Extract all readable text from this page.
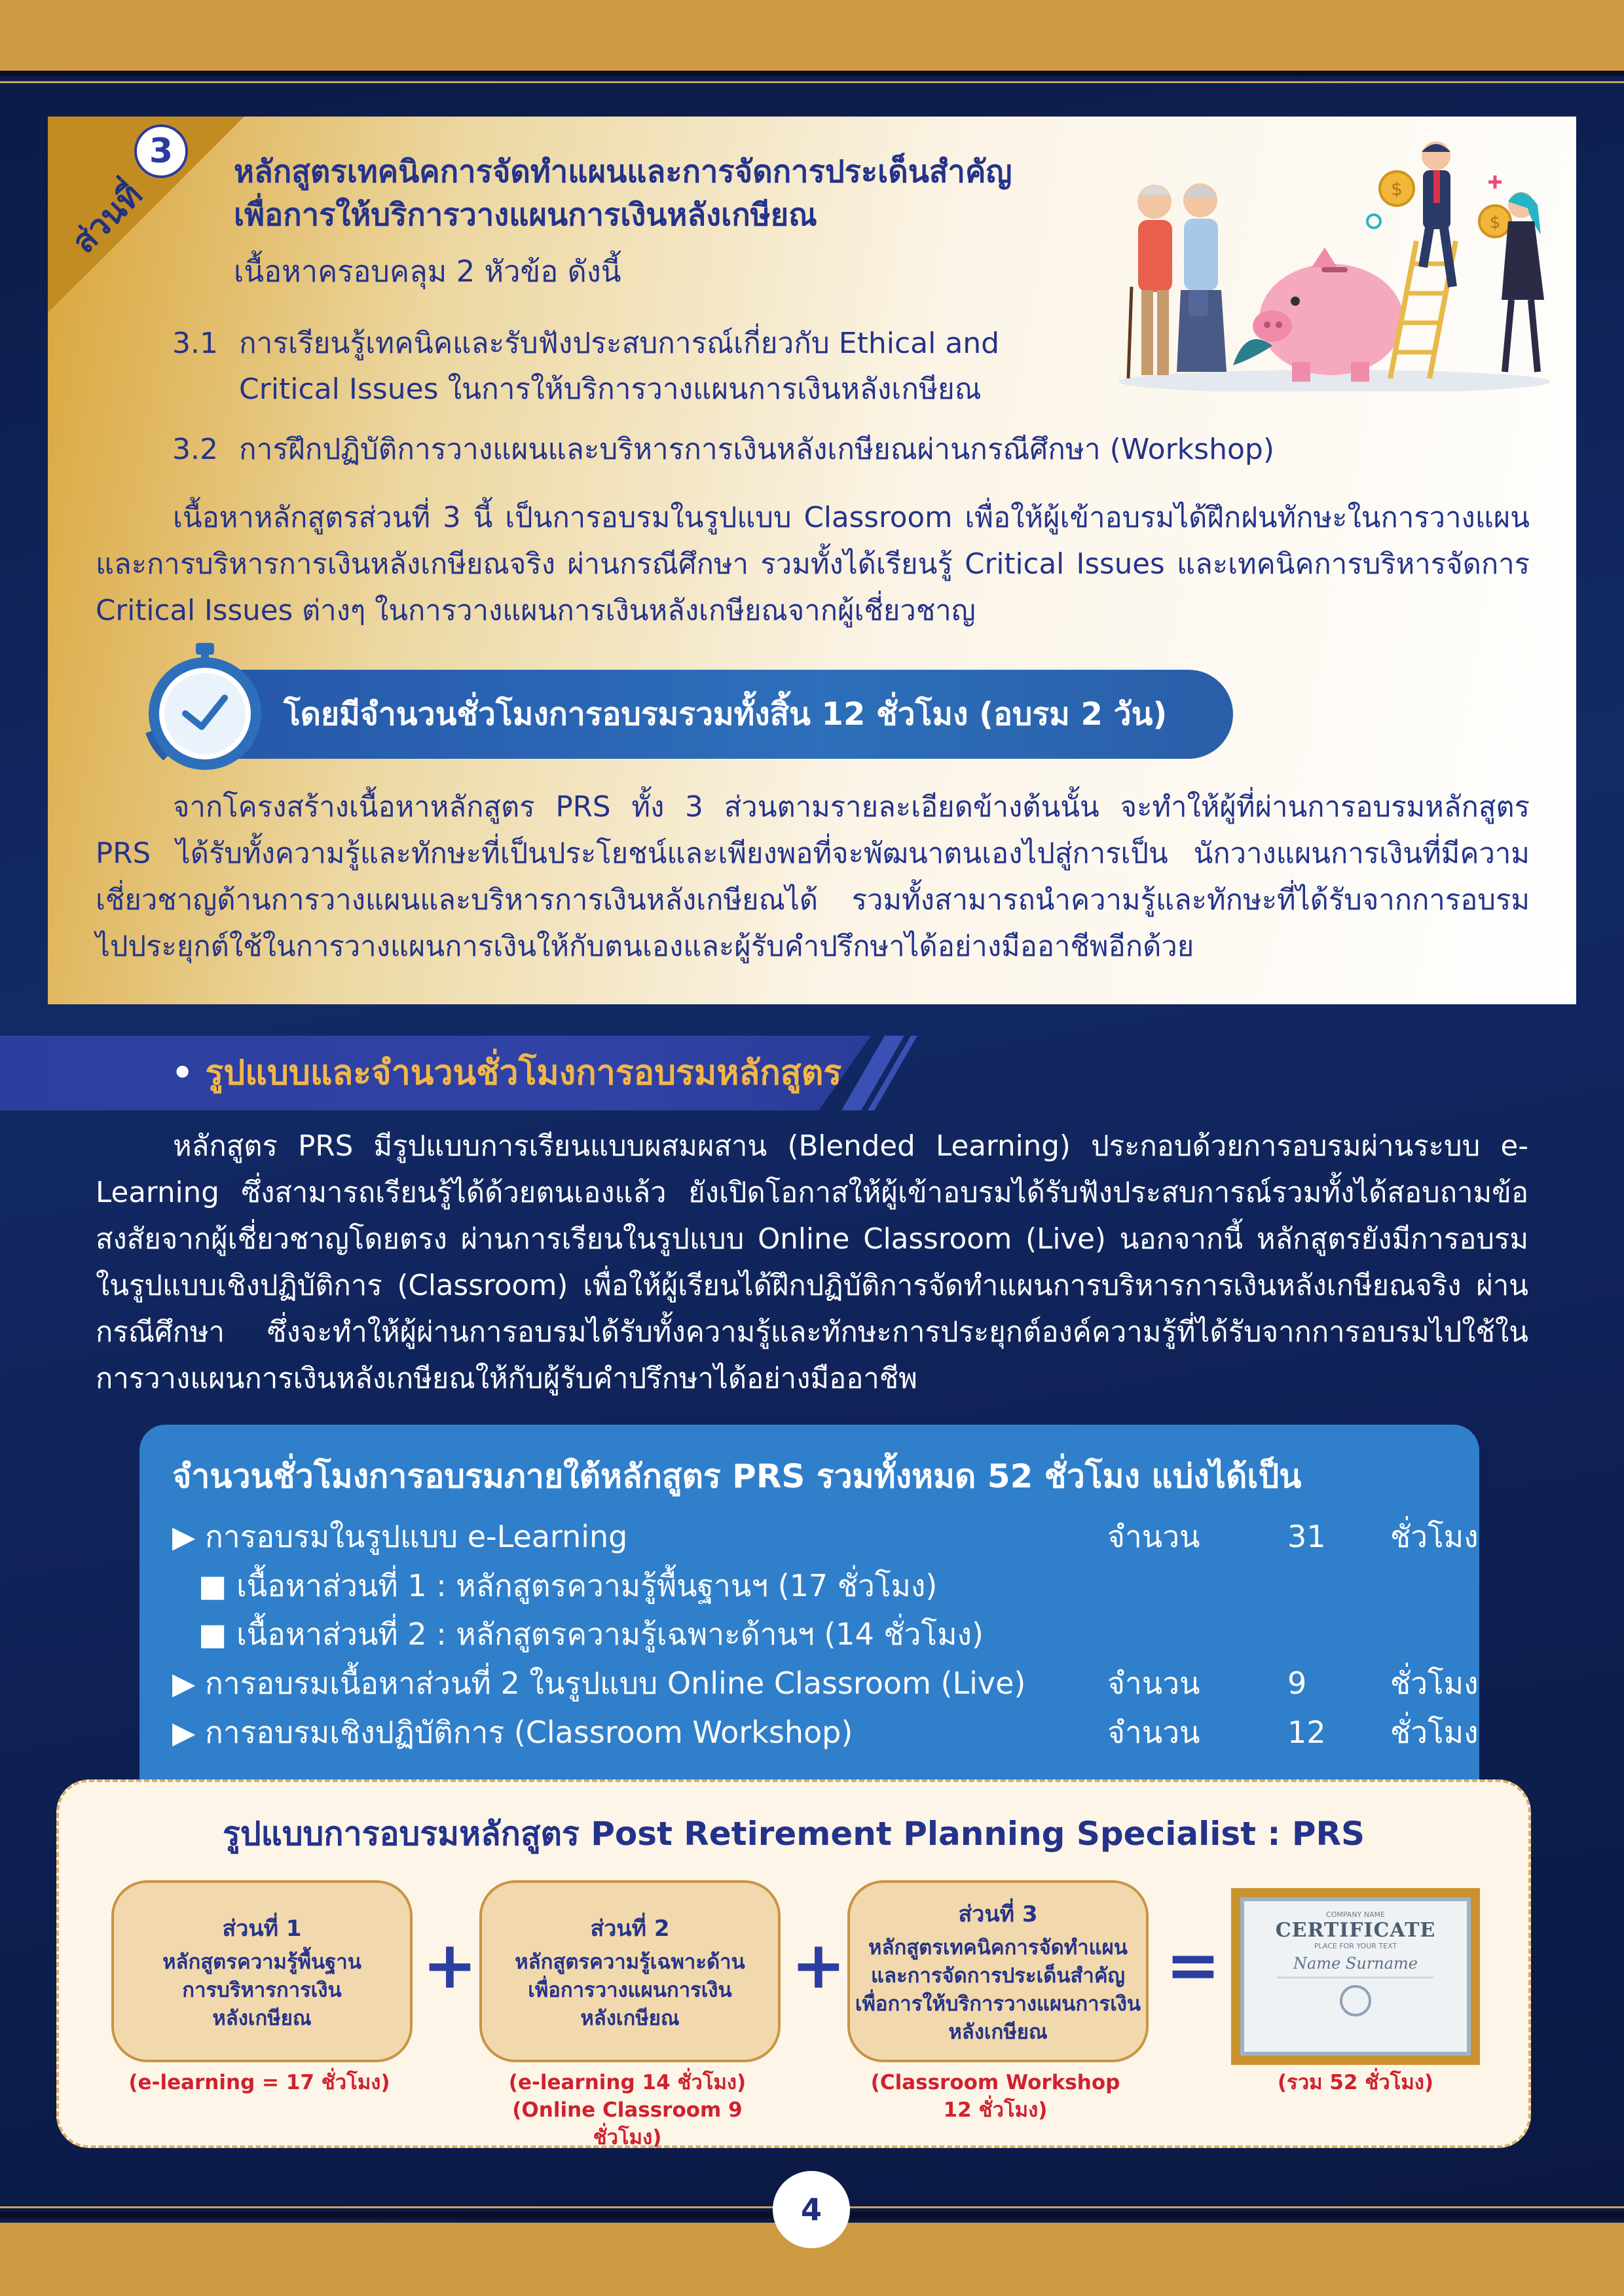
ส่วนที่
3
หลักสูตรเทคนิคการจัดทำแผนและการจัดการประเด็นสำคัญ
เพื่อการให้บริการวางแผนการเงินหลังเกษียณ
เนื้อหาครอบคลุม 2 หัวข้อ ดังนี้
3.1 การเรียนรู้เทคนิคและรับฟังประสบการณ์เกี่ยวกับ Ethical and
Critical Issues ในการให้บริการวางแผนการเงินหลังเกษียณ
3.2 การฝึกปฏิบัติการวางแผนและบริหารการเงินหลังเกษียณผ่านกรณีศึกษา (Workshop)

เนื้อหาหลักสูตรส่วนที่ 3 นี้ เป็นการอบรมในรูปแบบ Classroom เพื่อให้ผู้เข้าอบรมได้ฝึกฝนทักษะในการวางแผนและการบริหารการเงินหลังเกษียณจริง ผ่านกรณีศึกษา รวมทั้งได้เรียนรู้ Critical Issues และเทคนิคการบริหารจัดการ Critical Issues ต่างๆ ในการวางแผนการเงินหลังเกษียณจากผู้เชี่ยวชาญ

โดยมีจำนวนชั่วโมงการอบรมรวมทั้งสิ้น 12 ชั่วโมง (อบรม 2 วัน)

จากโครงสร้างเนื้อหาหลักสูตร PRS ทั้ง 3 ส่วนตามรายละเอียดข้างต้นนั้น จะทำให้ผู้ที่ผ่านการอบรมหลักสูตร PRS ได้รับทั้งความรู้และทักษะที่เป็นประโยชน์และเพียงพอที่จะพัฒนาตนเองไปสู่การเป็น นักวางแผนการเงินที่มีความเชี่ยวชาญด้านการวางแผนและบริหารการเงินหลังเกษียณได้ รวมทั้งสามารถนำความรู้และทักษะที่ได้รับจากการอบรมไปประยุกต์ใช้ในการวางแผนการเงินให้กับตนเองและผู้รับคำปรึกษาได้อย่างมืออาชีพอีกด้วย

$
$
• รูปแบบและจำนวนชั่วโมงการอบรมหลักสูตร

หลักสูตร PRS มีรูปแบบการเรียนแบบผสมผสาน (Blended Learning) ประกอบด้วยการอบรมผ่านระบบ e-Learning ซึ่งสามารถเรียนรู้ได้ด้วยตนเองแล้ว ยังเปิดโอกาสให้ผู้เข้าอบรมได้รับฟังประสบการณ์รวมทั้งได้สอบถามข้อสงสัยจากผู้เชี่ยวชาญโดยตรง ผ่านการเรียนในรูปแบบ Online Classroom (Live) นอกจากนี้ หลักสูตรยังมีการอบรมในรูปแบบเชิงปฏิบัติการ (Classroom) เพื่อให้ผู้เรียนได้ฝึกปฏิบัติการจัดทำแผนการบริหารการเงินหลังเกษียณจริง ผ่านกรณีศึกษา ซึ่งจะทำให้ผู้ผ่านการอบรมได้รับทั้งความรู้และทักษะการประยุกต์องค์ความรู้ที่ได้รับจากการอบรมไปใช้ในการวางแผนการเงินหลังเกษียณให้กับผู้รับคำปรึกษาได้อย่างมืออาชีพ

จำนวนชั่วโมงการอบรมภายใต้หลักสูตร PRS รวมทั้งหมด 52 ชั่วโมง แบ่งได้เป็น
▶ การอบรมในรูปแบบ e-Learning	จำนวน	31 ชั่วโมง
■ เนื้อหาส่วนที่ 1 : หลักสูตรความรู้พื้นฐานฯ (17 ชั่วโมง)
■ เนื้อหาส่วนที่ 2 : หลักสูตรความรู้เฉพาะด้านฯ (14 ชั่วโมง)
▶ การอบรมเนื้อหาส่วนที่ 2 ในรูปแบบ Online Classroom (Live)	จำนวน	9	ชั่วโมง
▶ การอบรมเชิงปฏิบัติการ (Classroom Workshop)	จำนวน	12 ชั่วโมง
รูปแบบการอบรมหลักสูตร Post Retirement Planning Specialist : PRS
ส่วนที่ 1
หลักสูตรความรู้พื้นฐาน
การบริหารการเงิน
หลังเกษียณ
+	ส่วนที่ 2
หลักสูตรความรู้เฉพาะด้าน
เพื่อการวางแผนการเงิน
หลังเกษียณ
+
ส่วนที่ 3
หลักสูตรเทคนิคการจัดทำแผน
และการจัดการประเด็นสำคัญ
เพื่อการให้บริการวางแผนการเงิน
หลังเกษียณ
=
COMPANY NAME
CERTIFICATE
PLACE FOR YOUR TEXT
Name Surname
(e-learning = 17 ชั่วโมง)	(e-learning 14 ชั่วโมง)
(Online Classroom 9 ชั่วโมง)
(Classroom Workshop
12 ชั่วโมง)
(รวม 52 ชั่วโมง)
4
